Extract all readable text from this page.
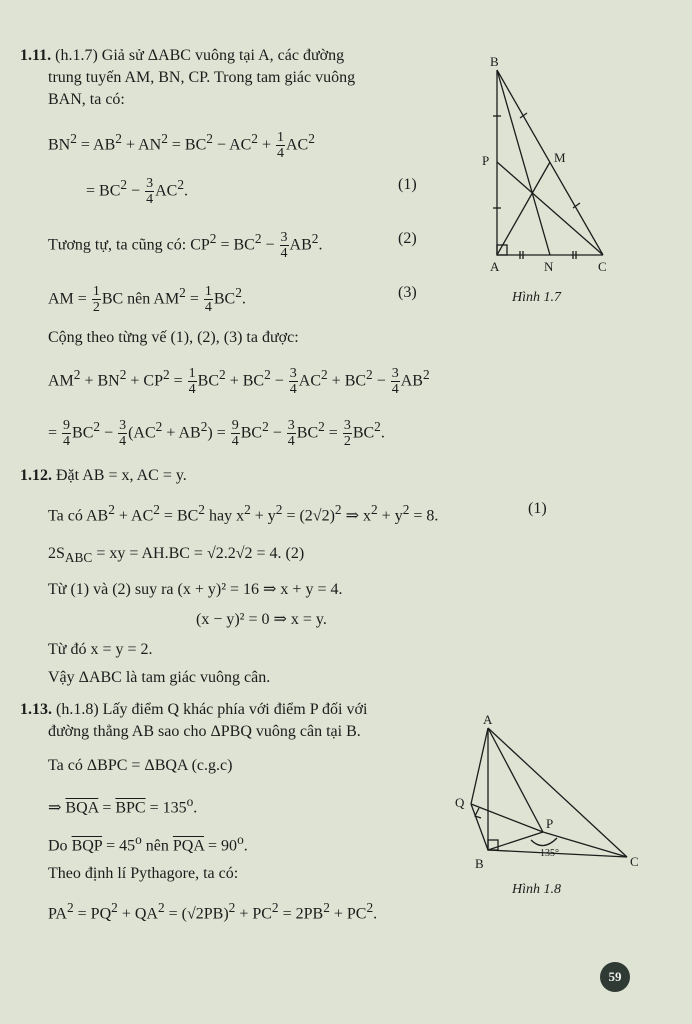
1.11. (h.1.7) Giả sử ΔABC vuông tại A, các đường
trung tuyến AM, BN, CP. Trong tam giác vuông
BAN, ta có:
$BN^2 = AB^2 + AN^2 = BC^2 - AC^2 + \frac{1}{4} AC^2$
= $BC^2 - \frac{3}{4} AC^2$.	(1)
Tương tự, ta cũng có: $CP^2 = BC^2 - \frac{3}{4} AB^2$.	(2)
AM = $\frac{1}{2}$ BC nên $AM^2 = \frac{1}{4} BC^2$.	(3)
Cộng theo từng vế (1), (2), (3) ta được:
$AM^2 + BN^2 + CP^2 = \frac{1}{4} BC^2 + BC^2 - \frac{3}{4} AC^2 + BC^2 - \frac{3}{4} AB^2$
= $\frac{9}{4} BC^2 - \frac{3}{4} (AC^2 + AB^2) = \frac{9}{4} BC^2 - \frac{3}{4} BC^2 = \frac{3}{2} BC^2$.
1.12. Đặt AB = x, AC = y.
Ta có $AB^2 + AC^2 = BC^2$ hay $x^2 + y^2 = (2√2)^2$ ⇒ $x^2 + y^2 = 8$.	(1)
$2S_{ABC}$ = xy = AH.BC = √2.2√2 = 4. (2)
Từ (1) và (2) suy ra (x + y)² = 16 ⇒ x + y = 4.
(x − y)² = 0 ⇒ x = y.
Từ đó x = y = 2.
Vậy ΔABC là tam giác vuông cân.
1.13. (h.1.8) Lấy điểm Q khác phía với điểm P đối với
đường thẳng AB sao cho ΔPBQ vuông cân tại B.
Ta có ΔBPC = ΔBQA (c.g.c)
⇒ $\overline{BQA} = \overline{BPC} = 135^o$.
Do $\overline{BQP} = 45^o$ nên $\overline{PQA} = 90^o$.
Theo định lí Pythagore, ta có:
$PA^2 = PQ^2 + QA^2 = (√2PB)^2 + PC^2 = 2PB^2 + PC^2$.
B
P	M
A	N	C
Hình 1.7
A
Q
P
B	C
135°
Hình 1.8
59
